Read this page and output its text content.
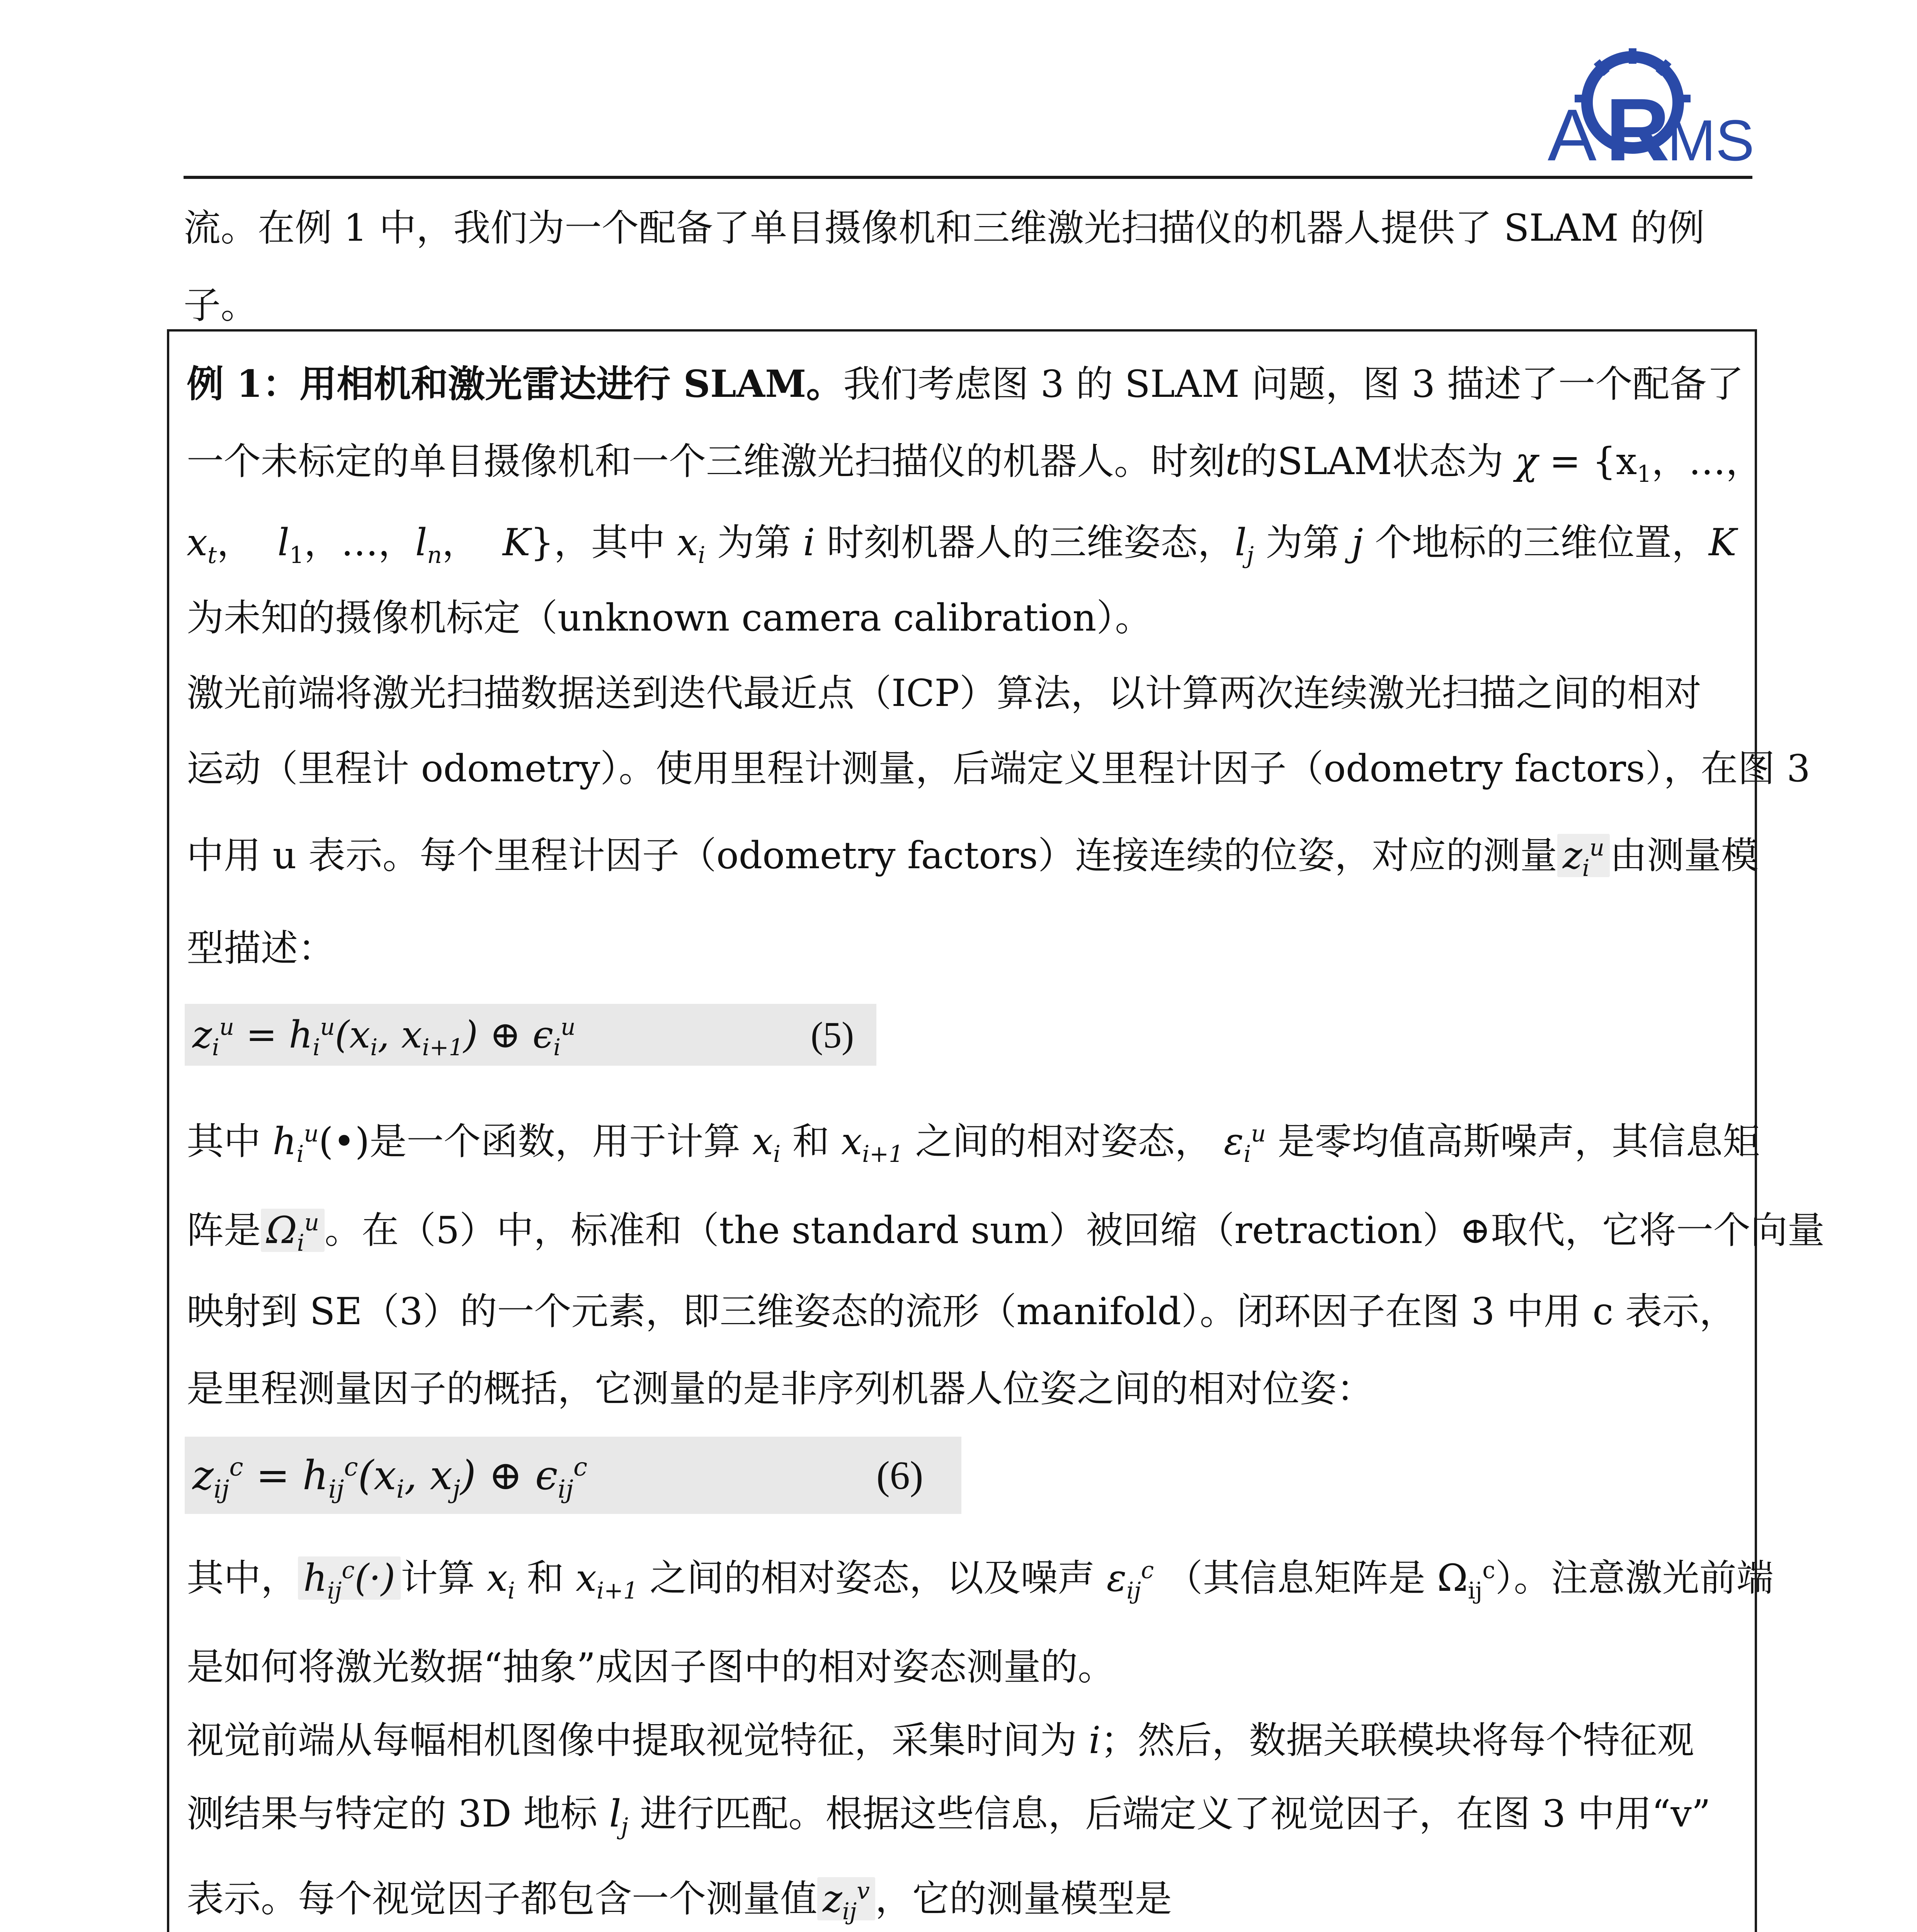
A R
MS
流。在例 1 中，我们为一个配备了单目摄像机和三维激光扫描仪的机器人提供了 SLAM 的例
子。
例 1：用相机和激光雷达进行 SLAM。我们考虑图 3 的 SLAM 问题，图 3 描述了一个配备了
一个未标定的单目摄像机和一个三维激光扫描仪的机器人。时刻t的SLAM状态为 $\chi = \{x_1$，…，
$x_t$，  $l_1$，…，$l_n$，  K}，其中 $x_i$ 为第 i 时刻机器人的三维姿态，$l_j$ 为第 j 个地标的三维位置，K
为未知的摄像机标定（unknown camera calibration）。
激光前端将激光扫描数据送到迭代最近点（ICP）算法，以计算两次连续激光扫描之间的相对
运动（里程计 odometry）。使用里程计测量，后端定义里程计因子（odometry factors），在图 3
中用 u 表示。每个里程计因子（odometry factors）连接连续的位姿，对应的测量 $z_i^u$ 由测量模
型描述：
$z_i^u = h_i^u(x_i$, $x_{i+1}$) ⊕ $\epsilon_i^u$	(5)
其中 $h_i^u(•)$是一个函数，用于计算 $x_i$ 和 $x_{i+1}$ 之间的相对姿态， $\varepsilon_i^u$ 是零均值高斯噪声，其信息矩
阵是 $\Omega_i^u$ 。在（5）中，标准和（the standard sum）被回缩（retraction）⊕取代，它将一个向量
映射到 SE（3）的一个元素，即三维姿态的流形（manifold）。闭环因子在图 3 中用 c 表示，
是里程测量因子的概括，它测量的是非序列机器人位姿之间的相对位姿：
$z_{ij}^c = h_{ij}^c(x_i$, $x_j$) ⊕ $\epsilon_{ij}^c$	(6)
其中， $h_{ij}^c(\cdot)$ 计算 $x_i$ 和 $x_{i+1}$ 之间的相对姿态，以及噪声 $\varepsilon_{ij}^c$ （其信息矩阵是 $\Omega_{ij}^c$）。注意激光前端
是如何将激光数据“抽象”成因子图中的相对姿态测量的。
视觉前端从每幅相机图像中提取视觉特征，采集时间为 i；然后，数据关联模块将每个特征观
测结果与特定的 3D 地标 $l_j$ 进行匹配。根据这些信息，后端定义了视觉因子，在图 3 中用“v”
表示。每个视觉因子都包含一个测量值 $z_{ij}^v$ ，它的测量模型是
